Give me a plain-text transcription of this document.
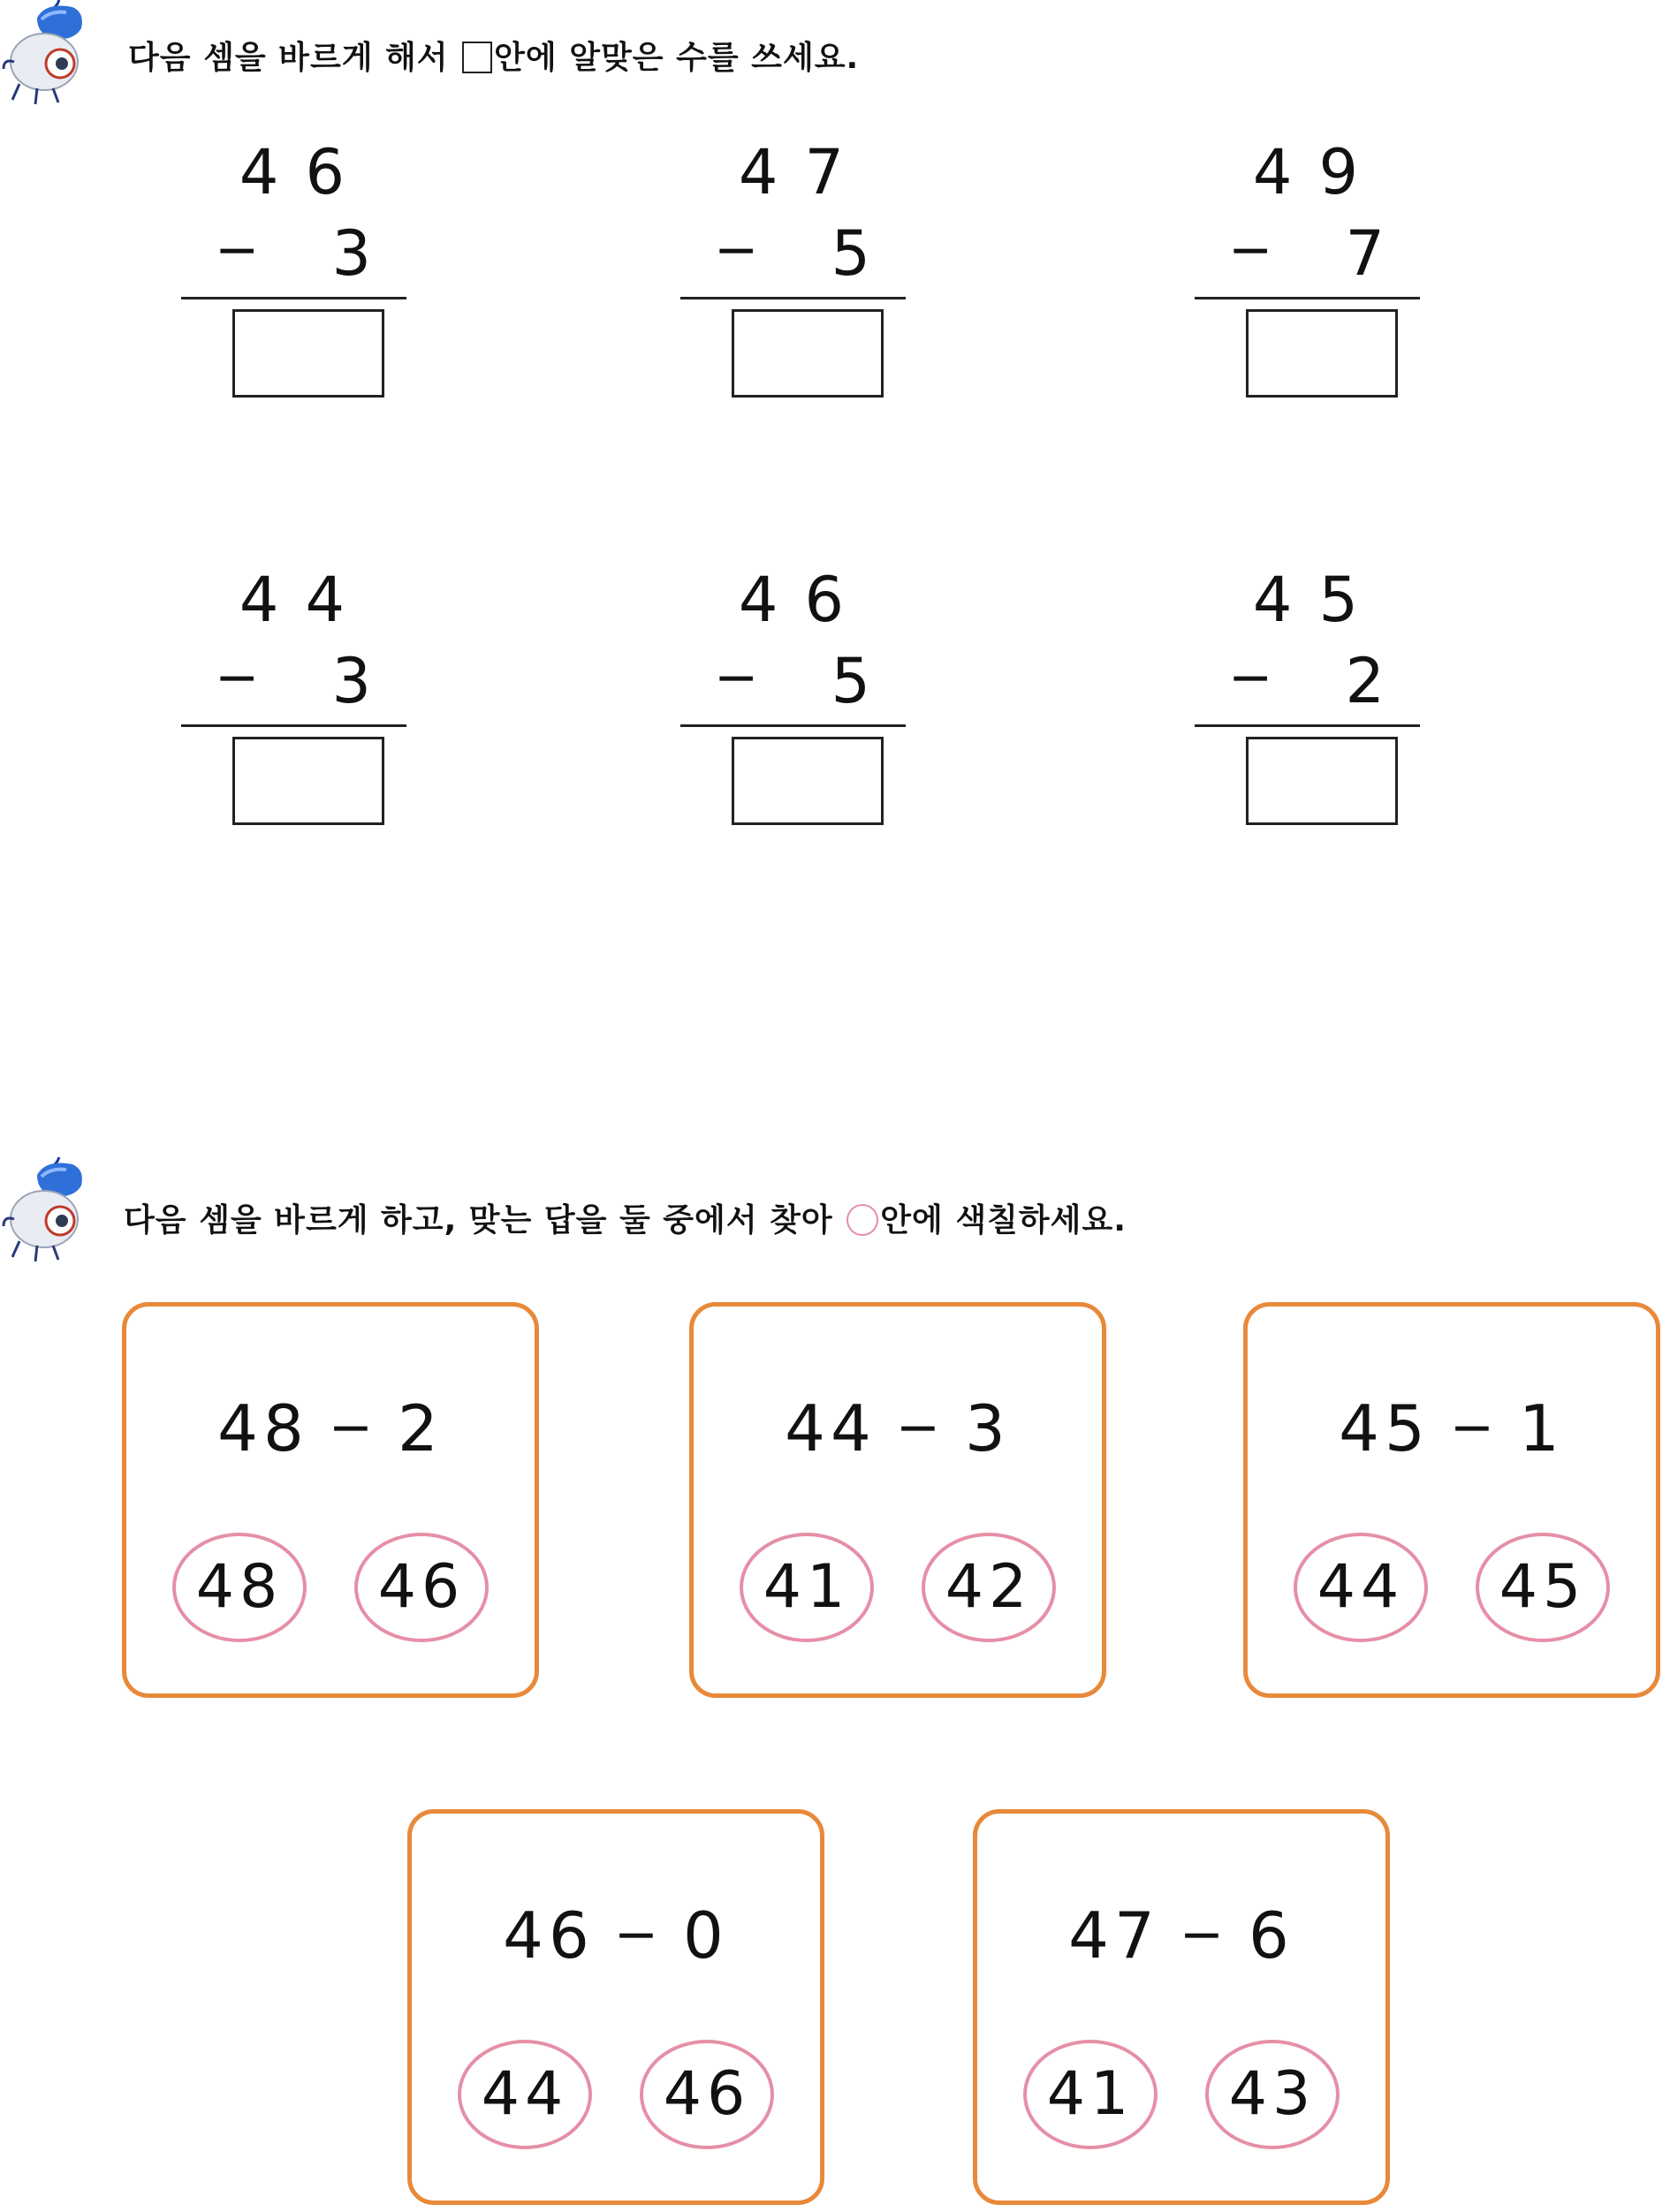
다음 셈을 바르게 해서 안에 알맞은 수를 쓰세요.
46
− 3
47
− 5
49
− 7
44
− 3
46
− 5
45
− 2
다음 셈을 바르게 하고, 맞는 답을 둘 중에서 찾아 안에 색칠하세요.
48 − 2
48	46
44 − 3
41	42
45 − 1
44	45
46 − 0
44	46
47 − 6
41	43
